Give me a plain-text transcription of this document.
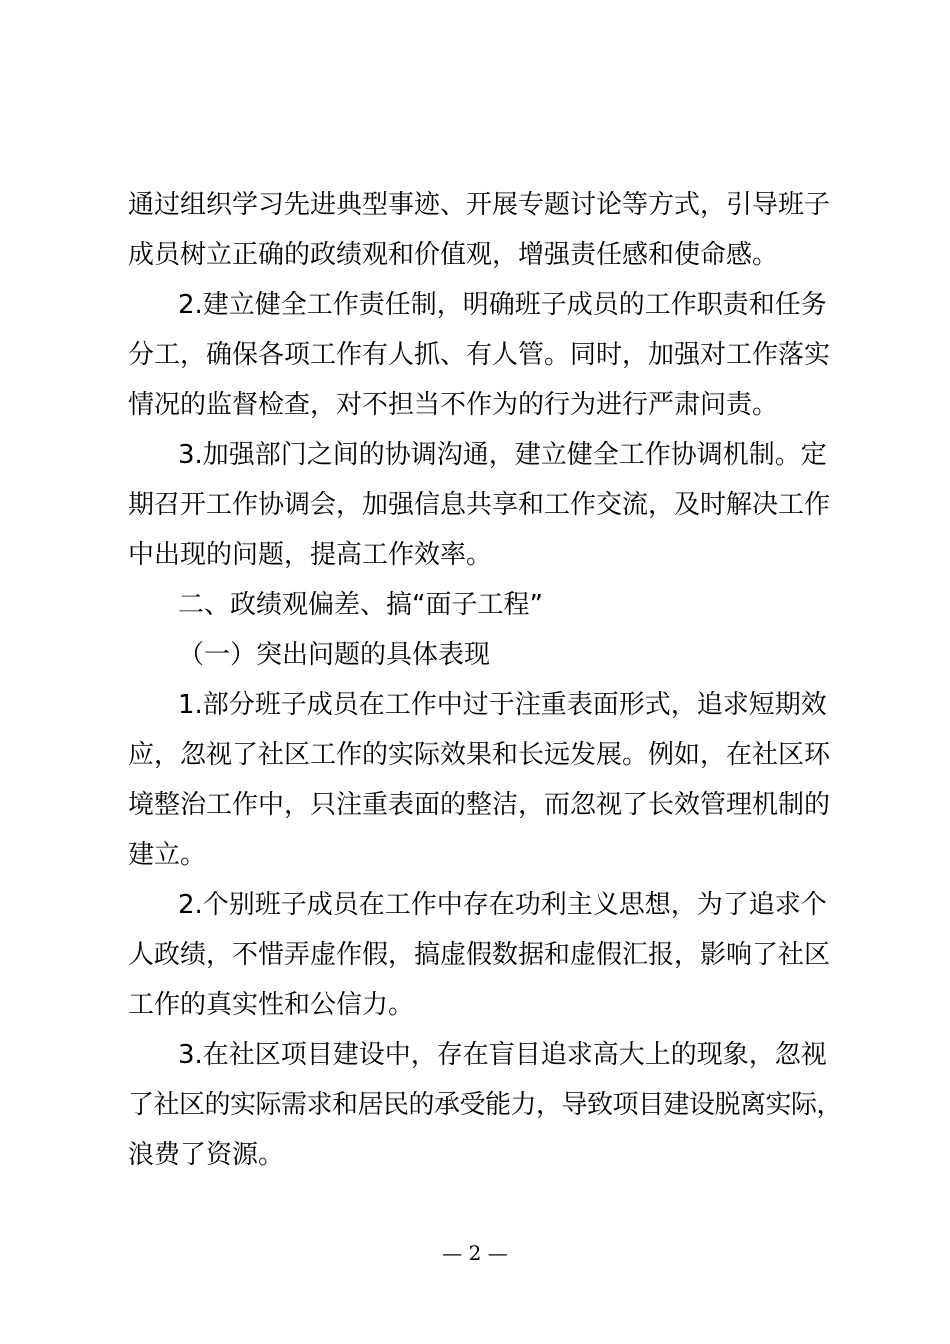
通过组织学习先进典型事迹、开展专题讨论等方式，引导班子
成员树立正确的政绩观和价值观，增强责任感和使命感。
2.建立健全工作责任制，明确班子成员的工作职责和任务
分工，确保各项工作有人抓、有人管。同时，加强对工作落实
情况的监督检查，对不担当不作为的行为进行严肃问责。
3.加强部门之间的协调沟通，建立健全工作协调机制。定
期召开工作协调会，加强信息共享和工作交流，及时解决工作
中出现的问题，提高工作效率。
二、政绩观偏差、搞“面子工程”
（一）突出问题的具体表现
1.部分班子成员在工作中过于注重表面形式，追求短期效
应，忽视了社区工作的实际效果和长远发展。例如，在社区环
境整治工作中，只注重表面的整洁，而忽视了长效管理机制的
建立。
2.个别班子成员在工作中存在功利主义思想，为了追求个
人政绩，不惜弄虚作假，搞虚假数据和虚假汇报，影响了社区
工作的真实性和公信力。
3.在社区项目建设中，存在盲目追求高大上的现象，忽视
了社区的实际需求和居民的承受能力，导致项目建设脱离实际，
浪费了资源。
— 2 —
